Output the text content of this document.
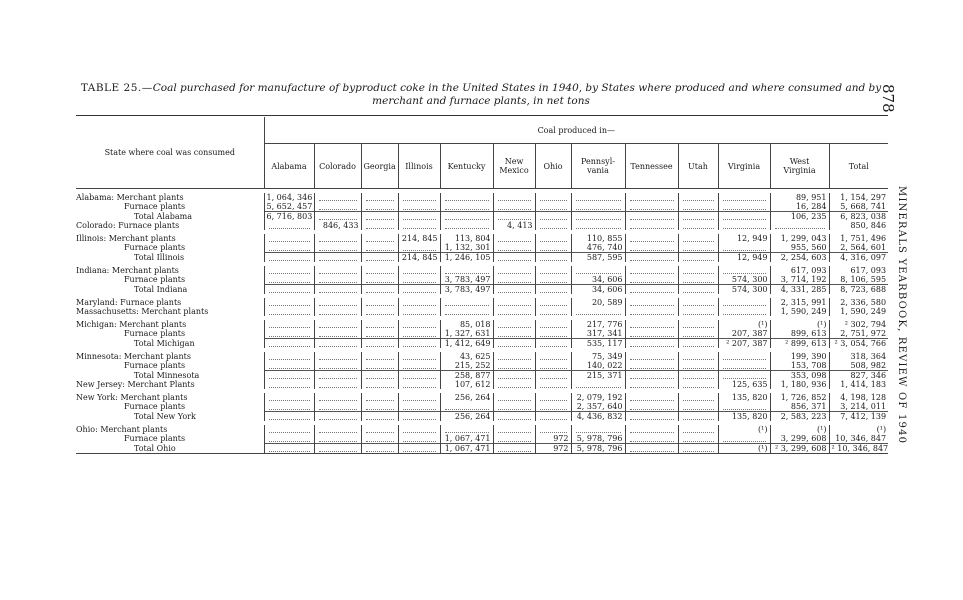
TABLE 25.—Coal purchased for manufacture of byproduct coke in the United States in 1940, by States where produced and where consumed and by merchant and furnace plants, in net tons	878
MINERALS YEARBOOK, REVIEW OF 1940
State where coal was consumed	Coal produced in—												
	Alabama	Colorado	Georgia	Illinois	Kentucky	New Mexico	Ohio	Pennsyl-vania	Tennessee	Utah	Virginia	West Virginia	Total

Alabama: Merchant plants	1, 064, 346											89, 951	1, 154, 297
Furnace plants	5, 652, 457											16, 284	5, 668, 741
Total Alabama	6, 716, 803											106, 235	6, 823, 038
Colorado: Furnace plants		846, 433				4, 413							850, 846

Illinois: Merchant plants				214, 845	113, 804			110, 855			12, 949	1, 299, 043	1, 751, 496
Furnace plants					1, 132, 301			476, 740				955, 560	2, 564, 601
Total Illinois				214, 845	1, 246, 105			587, 595			12, 949	2, 254, 603	4, 316, 097

Indiana: Merchant plants												617, 093	617, 093
Furnace plants					3, 783, 497			34, 606			574, 300	3, 714, 192	8, 106, 595
Total Indiana					3, 783, 497			34, 606			574, 300	4, 331, 285	8, 723, 688

Maryland: Furnace plants								20, 589				2, 315, 991	2, 336, 580
Massachusetts: Merchant plants												1, 590, 249	1, 590, 249

Michigan: Merchant plants					85, 018			217, 776			(¹)	(¹)	² 302, 794
Furnace plants					1, 327, 631			317, 341			207, 387	899, 613	2, 751, 972
Total Michigan					1, 412, 649			535, 117			² 207, 387	² 899, 613	² 3, 054, 766

Minnesota: Merchant plants					43, 625			75, 349				199, 390	318, 364
Furnace plants					215, 252			140, 022				153, 708	508, 982
Total Minnesota					258, 877			215, 371				353, 098	827, 346
New Jersey: Merchant Plants					107, 612						125, 635	1, 180, 936	1, 414, 183

New York: Merchant plants					256, 264			2, 079, 192			135, 820	1, 726, 852	4, 198, 128
Furnace plants								2, 357, 640				856, 371	3, 214, 011
Total New York					256, 264			4, 436, 832			135, 820	2, 583, 223	7, 412, 139

Ohio: Merchant plants											(¹)	(¹)	(¹)
Furnace plants					1, 067, 471		972	5, 978, 796				3, 299, 608	10, 346, 847
Total Ohio					1, 067, 471		972	5, 978, 796			(¹)	² 3, 299, 608	² 10, 346, 847
